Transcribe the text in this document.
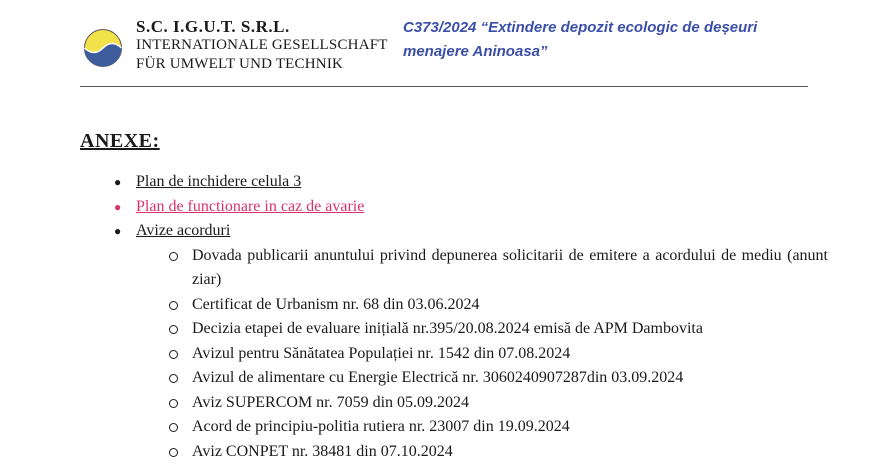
S.C. I.G.U.T. S.R.L.
INTERNATIONALE GESELLSCHAFT
FÜR UMWELT UND TECHNIK
C373/2024 “Extindere depozit ecologic de deșeuri menajere Aninoasa”
ANEXE:
● Plan de inchidere celula 3
● Plan de functionare in caz de avarie
● Avize acorduri
Dovada publicarii anuntului privind depunerea solicitarii de emitere a acordului de mediu (anunt ziar)
Certificat de Urbanism nr. 68 din 03.06.2024
Decizia etapei de evaluare inițială nr.395/20.08.2024 emisă de APM Dambovita
Avizul pentru Sănătatea Populației nr. 1542 din 07.08.2024
Avizul de alimentare cu Energie Electrică nr. 3060240907287din 03.09.2024
Aviz SUPERCOM nr. 7059 din 05.09.2024
Acord de principiu-politia rutiera nr. 23007 din 19.09.2024
Aviz CONPET nr. 38481 din 07.10.2024
